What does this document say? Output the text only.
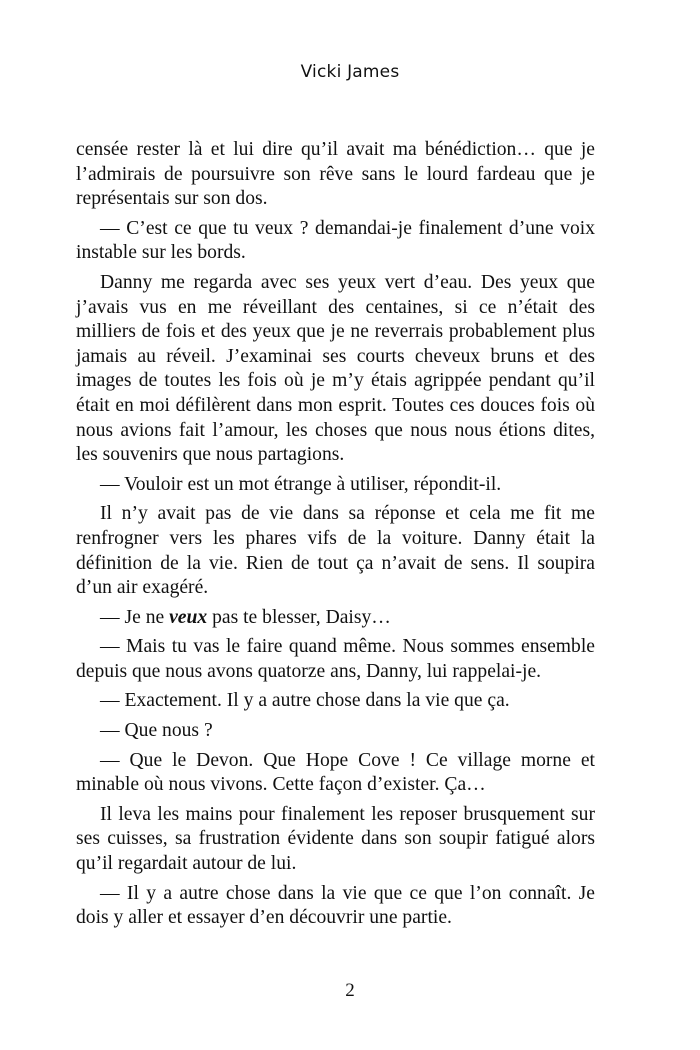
Vicki James

censée rester là et lui dire qu’il avait ma bénédiction… que je l’admirais de poursuivre son rêve sans le lourd fardeau que je représentais sur son dos.

— C’est ce que tu veux ? demandai-je finalement d’une voix instable sur les bords.

Danny me regarda avec ses yeux vert d’eau. Des yeux que j’avais vus en me réveillant des centaines, si ce n’était des milliers de fois et des yeux que je ne reverrais probablement plus jamais au réveil. J’examinai ses courts cheveux bruns et des images de toutes les fois où je m’y étais agrippée pendant qu’il était en moi défilèrent dans mon esprit. Toutes ces douces fois où nous avions fait l’amour, les choses que nous nous étions dites, les souvenirs que nous partagions.

— Vouloir est un mot étrange à utiliser, répondit-il.

Il n’y avait pas de vie dans sa réponse et cela me fit me renfrogner vers les phares vifs de la voiture. Danny était la définition de la vie. Rien de tout ça n’avait de sens. Il soupira d’un air exagéré.

— Je ne veux pas te blesser, Daisy…

— Mais tu vas le faire quand même. Nous sommes ensemble depuis que nous avons quatorze ans, Danny, lui rappelai-je.

— Exactement. Il y a autre chose dans la vie que ça.

— Que nous ?

— Que le Devon. Que Hope Cove ! Ce village morne et minable où nous vivons. Cette façon d’exister. Ça…

Il leva les mains pour finalement les reposer brusquement sur ses cuisses, sa frustration évidente dans son soupir fatigué alors qu’il regardait autour de lui.

— Il y a autre chose dans la vie que ce que l’on connaît. Je dois y aller et essayer d’en découvrir une partie.

2
